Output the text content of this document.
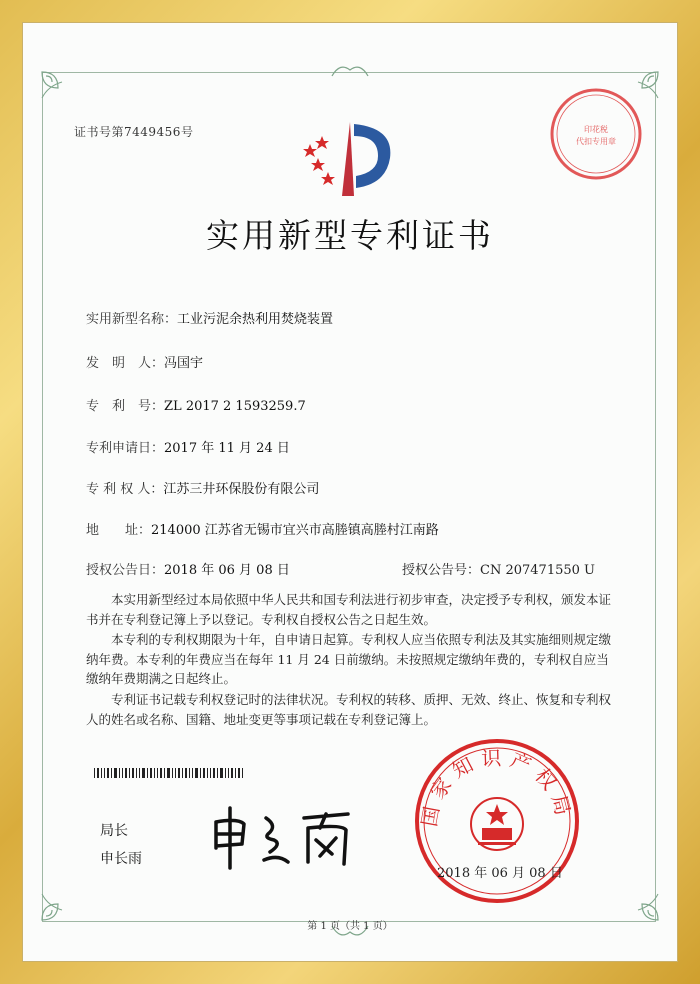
证书号第7449456号
实用新型专利证书
实用新型名称：工业污泥余热利用焚烧装置
发　明　人：冯国宇
专　利　号：ZL 2017 2 1593259.7
专利申请日：2017 年 11 月 24 日
专 利 权 人：江苏三井环保股份有限公司
地　　址：214000 江苏省无锡市宜兴市高塍镇高塍村江南路
授权公告日：2018 年 06 月 08 日	授权公告号：CN 207471550 U
本实用新型经过本局依照中华人民共和国专利法进行初步审查，决定授予专利权，颁发本证书并在专利登记簿上予以登记。专利权自授权公告之日起生效。
本专利的专利权期限为十年，自申请日起算。专利权人应当依照专利法及其实施细则规定缴纳年费。本专利的年费应当在每年 11 月 24 日前缴纳。未按照规定缴纳年费的，专利权自应当缴纳年费期满之日起终止。
专利证书记载专利权登记时的法律状况。专利权的转移、质押、无效、终止、恢复和专利权人的姓名或名称、国籍、地址变更等事项记载在专利登记簿上。
局长
申长雨
印花税
代扣专用章
国家知识产权局
2018 年 06 月 08 日
第 1 页（共 1 页）
